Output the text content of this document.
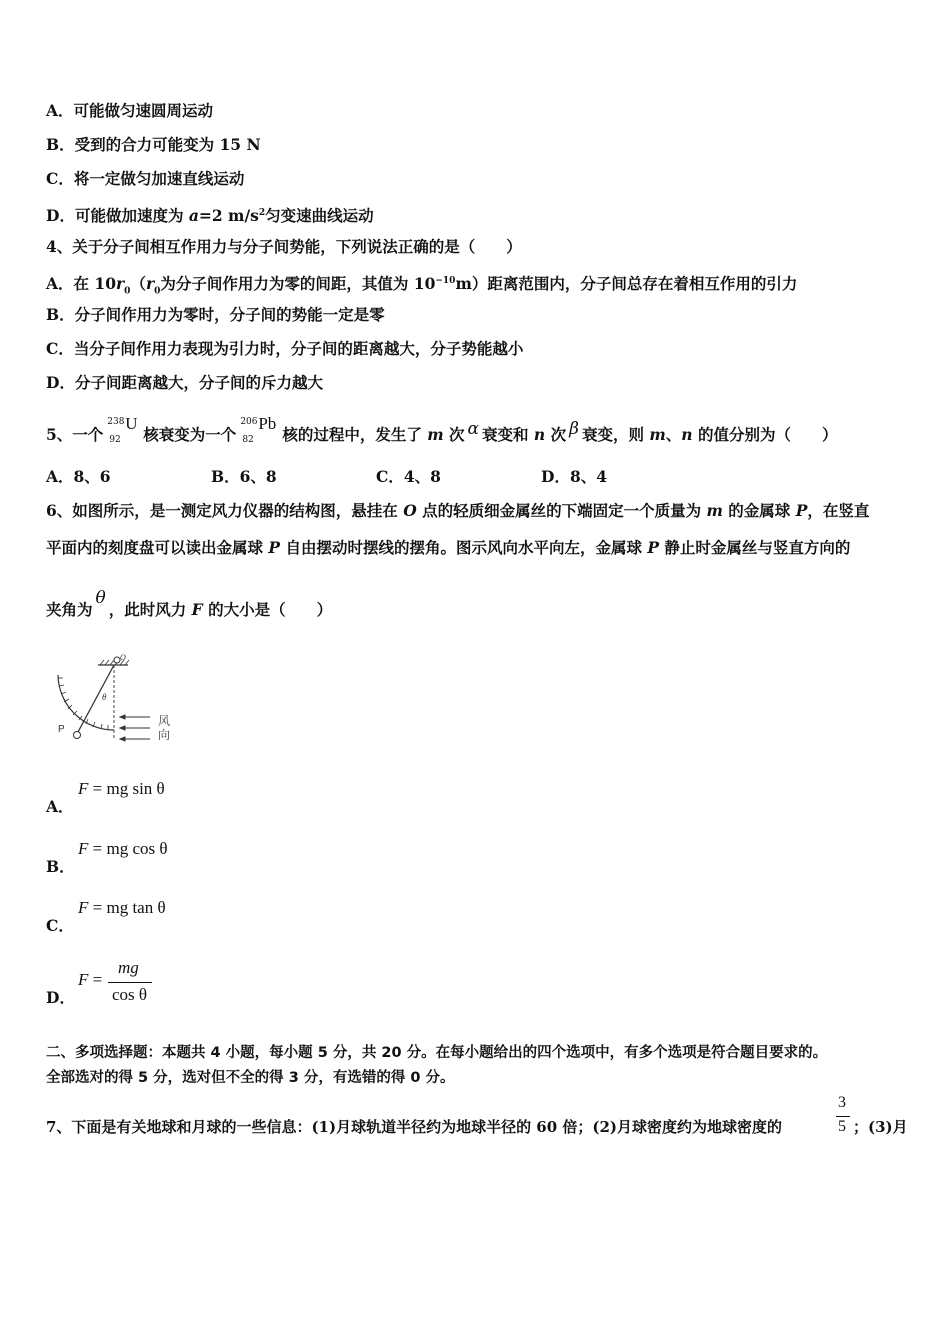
A．可能做匀速圆周运动
B．受到的合力可能变为 15 N
C．将一定做匀加速直线运动
D．可能做加速度为 a=2 $m/s^2$匀变速曲线运动
4、关于分子间相互作用力与分子间势能，下列说法正确的是（　　）
A．在 $10r_0(r_0$为分子间作用力为零的间距，其值为 $10^{-10}m$）距离范围内，分子间总存在着相互作用的引力
B．分子间作用力为零时，分子间的势能一定是零
C．当分子间作用力表现为引力时，分子间的距离越大，分子势能越小
D．分子间距离越大，分子间的斥力越大
5、一个
238
92
U
核衰变为一个
206
82
Pb
核的过程中，发生了 m 次 α 衰变和 n 次 β 衰变，则 m、n 的值分别为（　　）
A．8、6	B．6、8	C．4、8	D．8、4
6、如图所示，是一测定风力仪器的结构图，悬挂在 O 点的轻质细金属丝的下端固定一个质量为 m 的金属球 P，在竖直
平面内的刻度盘可以读出金属球 P 自由摆动时摆线的摆角。图示风向水平向左，金属球 P 静止时金属丝与竖直方向的
夹角为θ，此时风力 F 的大小是（　　）
O
θ
P
风
向
A．
F = mg sin θ
B．
F = mg cos θ
C．
F = mg tan θ
D．
F =
mg
cos θ
二、多项选择题：本题共 4 小题，每小题 5 分，共 20 分。在每小题给出的四个选项中，有多个选项是符合题目要求的。
全部选对的得 5 分，选对但不全的得 3 分，有选错的得 0 分。
7、下面是有关地球和月球的一些信息：(1)月球轨道半径约为地球半径的 60 倍；(2)月球密度约为地球密度的
3
5 ；(3)月
